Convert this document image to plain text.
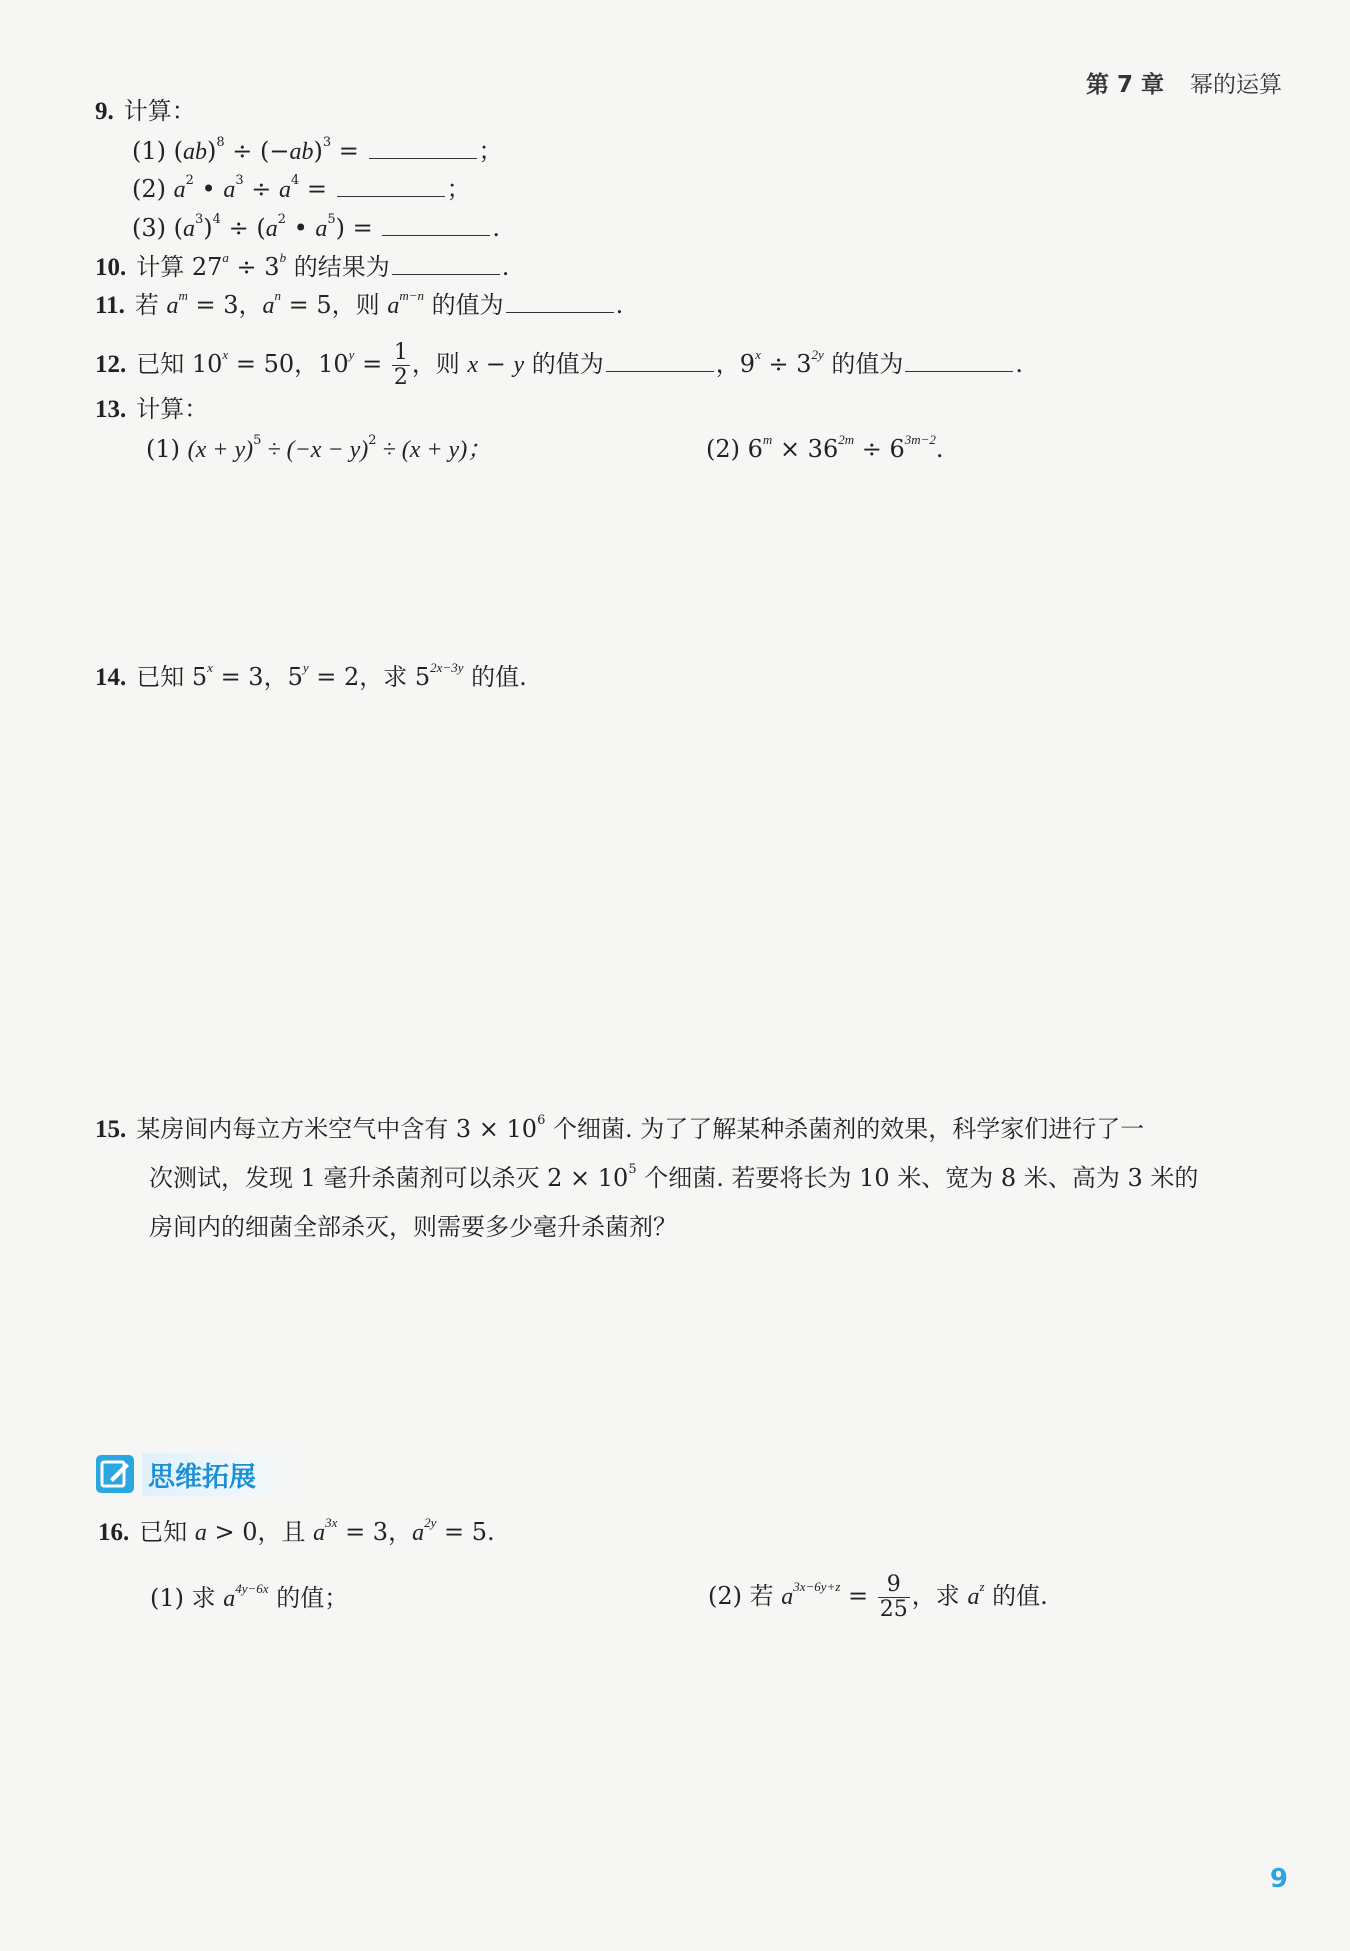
第 7 章 幂的运算
9. 计算：
(1) $(ab)^8 \div (-ab)^3$ =	；
(2) $a^2$ • $a^3 \div a^4$ =	；
(3) $(a^3)^4 \div (a^2$ • $a^5$) =	.
10. 计算 $27^a \div 3^b$ 的结果为	.
11. 若 $a^m = 3$，$a^n = 5$，则 $a^{m-n}$ 的值为	.
12. 已知 $10^x = 50$，$10^y = \frac{1}{2}$ ，则 x − y 的值为	，$9^x \div 3^{2y}$ 的值为	.
13. 计算：
(1) $(x + y)^5 \div (-x - y)^2 \div (x + y)$；	(2) $6^m \times 36^{2m} \div 6^{3m-2}$.
14. 已知 $5^x = 3$，$5^y = 2$，求 $5^{2x-3y}$ 的值.
15. 某房间内每立方米空气中含有 $3 \times 10^6$ 个细菌. 为了了解某种杀菌剂的效果，科学家们进行了一
次测试，发现 1 毫升杀菌剂可以杀灭 $2 \times 10^5$ 个细菌. 若要将长为 10 米、宽为 8 米、高为 3 米的
房间内的细菌全部杀灭，则需要多少毫升杀菌剂？
思维拓展
16. 已知 a > 0，且 $a^{3x} = 3$，$a^{2y} = 5$.
(1) 求 $a^{4y-6x}$ 的值；	(2) 若 $a^{3x-6y+z} = \frac{9}{25}$ ，求 $a^z$ 的值.
9
